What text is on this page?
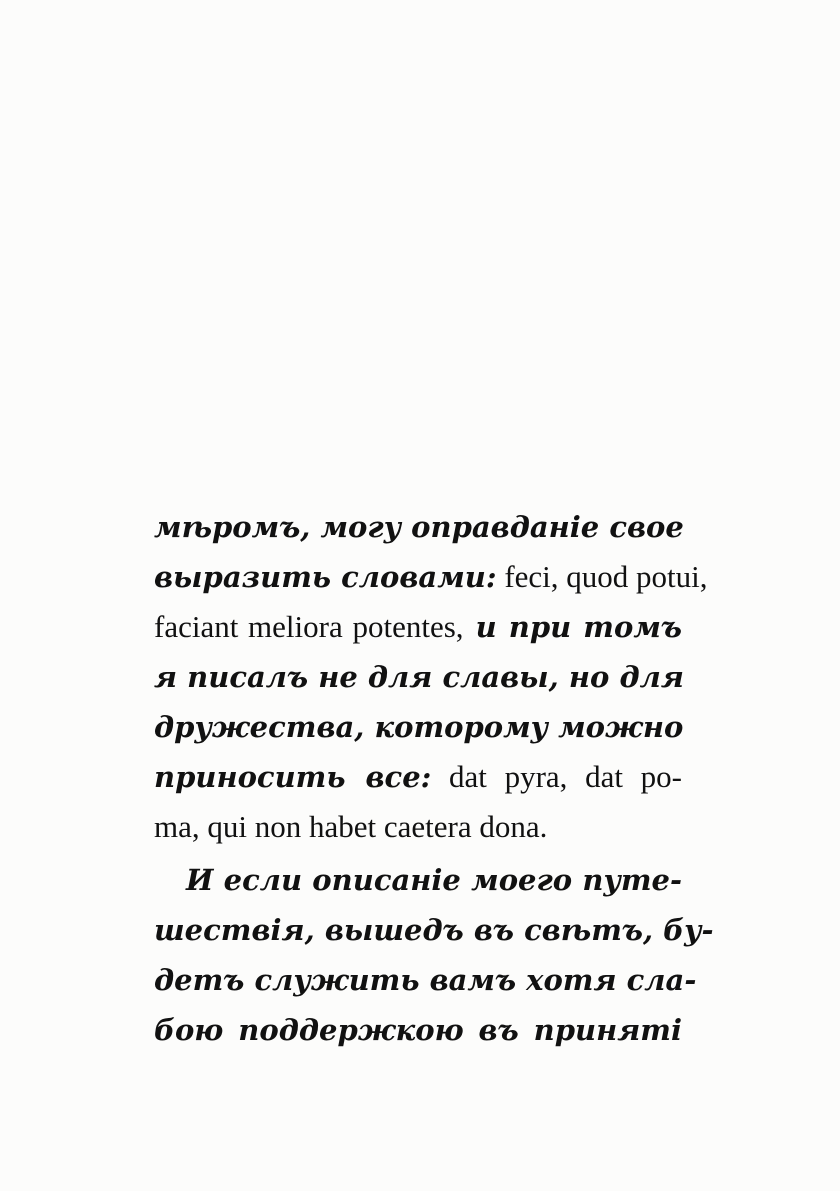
мѣромъ, могу оправданіе свое
выразить словами: feci, quod potui,
faciant meliora potentes, и при томъ
я писалъ не для славы, но для
дружества, которому можно
приносить все: dat pyra, dat po-
ma, qui non habet caetera dona.
И если описаніе моего путе-
шествія, вышедъ въ свѣтъ, бу-
детъ служить вамъ хотя сла-
бою поддержкою въ приняті
